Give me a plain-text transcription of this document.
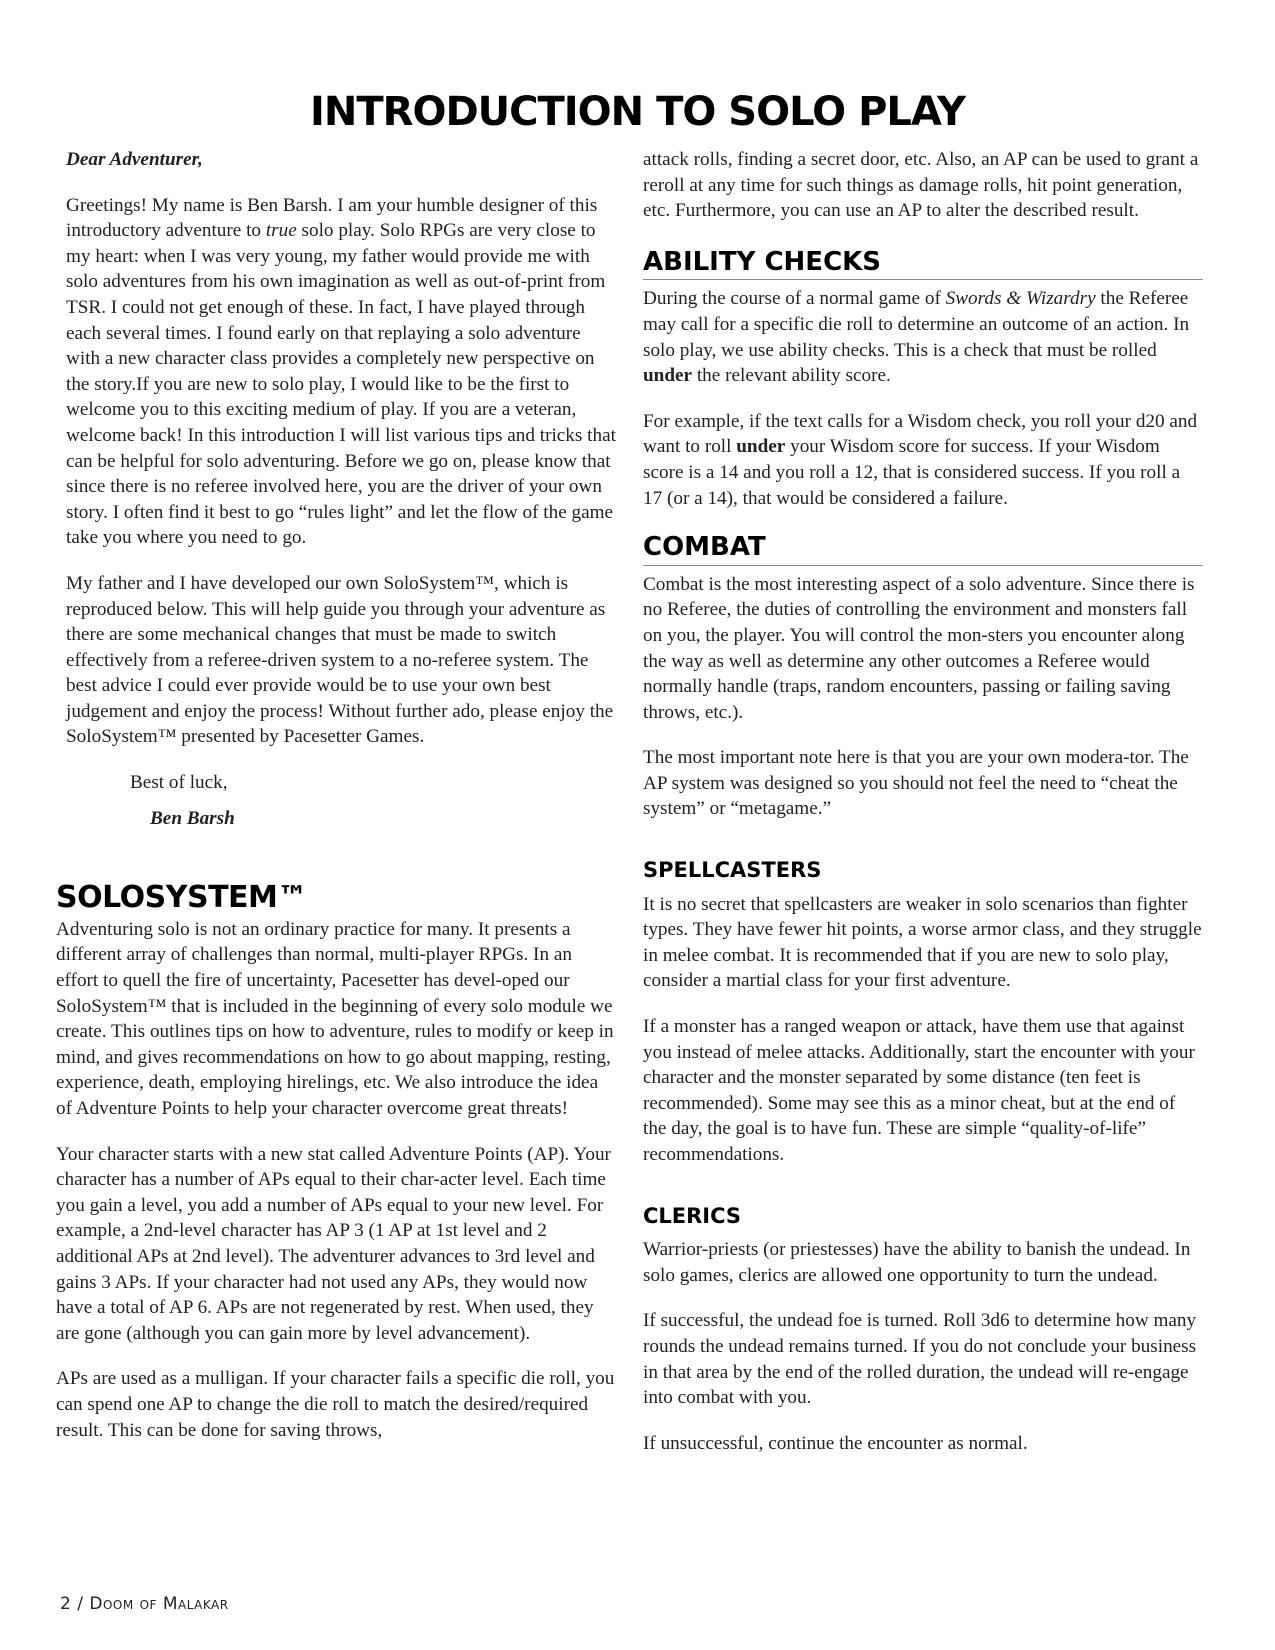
INTRODUCTION TO SOLO PLAY

Dear Adventurer,

Greetings! My name is Ben Barsh. I am your humble designer of this introductory adventure to true solo play. Solo RPGs are very close to my heart: when I was very young, my father would provide me with solo adventures from his own imagination as well as out-of-print from TSR. I could not get enough of these. In fact, I have played through each several times. I found early on that replaying a solo adventure with a new character class provides a completely new perspective on the story.If you are new to solo play, I would like to be the first to welcome you to this exciting medium of play. If you are a veteran, welcome back! In this introduction I will list various tips and tricks that can be helpful for solo adventuring. Before we go on, please know that since there is no referee involved here, you are the driver of your own story. I often find it best to go “rules light” and let the flow of the game take you where you need to go.

My father and I have developed our own SoloSystem™, which is reproduced below. This will help guide you through your adventure as there are some mechanical changes that must be made to switch effectively from a referee-driven system to a no-referee system. The best advice I could ever provide would be to use your own best judgement and enjoy the process! Without further ado, please enjoy the SoloSystem™ presented by Pacesetter Games.

Best of luck,

Ben Barsh

SOLOSYSTEM™

Adventuring solo is not an ordinary practice for many. It presents a different array of challenges than normal, multi-player RPGs. In an effort to quell the fire of uncertainty, Pacesetter has devel-oped our SoloSystem™ that is included in the beginning of every solo module we create. This outlines tips on how to adventure, rules to modify or keep in mind, and gives recommendations on how to go about mapping, resting, experience, death, employing hirelings, etc. We also introduce the idea of Adventure Points to help your character overcome great threats!

Your character starts with a new stat called Adventure Points (AP). Your character has a number of APs equal to their char-acter level. Each time you gain a level, you add a number of APs equal to your new level. For example, a 2nd-level character has AP 3 (1 AP at 1st level and 2 additional APs at 2nd level). The adventurer advances to 3rd level and gains 3 APs. If your character had not used any APs, they would now have a total of AP 6. APs are not regenerated by rest. When used, they are gone (although you can gain more by level advancement).

APs are used as a mulligan. If your character fails a specific die roll, you can spend one AP to change the die roll to match the desired/required result. This can be done for saving throws,

attack rolls, finding a secret door, etc. Also, an AP can be used to grant a reroll at any time for such things as damage rolls, hit point generation, etc. Furthermore, you can use an AP to alter the described result.

ABILITY CHECKS

During the course of a normal game of Swords & Wizardry the Referee may call for a specific die roll to determine an outcome of an action. In solo play, we use ability checks. This is a check that must be rolled under the relevant ability score.

For example, if the text calls for a Wisdom check, you roll your d20 and want to roll under your Wisdom score for success. If your Wisdom score is a 14 and you roll a 12, that is considered success. If you roll a 17 (or a 14), that would be considered a failure.

COMBAT

Combat is the most interesting aspect of a solo adventure. Since there is no Referee, the duties of controlling the environment and monsters fall on you, the player. You will control the mon-sters you encounter along the way as well as determine any other outcomes a Referee would normally handle (traps, random encounters, passing or failing saving throws, etc.).

The most important note here is that you are your own modera-tor. The AP system was designed so you should not feel the need to “cheat the system” or “metagame.”

SPELLCASTERS

It is no secret that spellcasters are weaker in solo scenarios than fighter types. They have fewer hit points, a worse armor class, and they struggle in melee combat. It is recommended that if you are new to solo play, consider a martial class for your first adventure.

If a monster has a ranged weapon or attack, have them use that against you instead of melee attacks. Additionally, start the encounter with your character and the monster separated by some distance (ten feet is recommended). Some may see this as a minor cheat, but at the end of the day, the goal is to have fun. These are simple “quality-of-life” recommendations.

CLERICS

Warrior-priests (or priestesses) have the ability to banish the undead. In solo games, clerics are allowed one opportunity to turn the undead.

If successful, the undead foe is turned. Roll 3d6 to determine how many rounds the undead remains turned. If you do not conclude your business in that area by the end of the rolled duration, the undead will re-engage into combat with you.

If unsuccessful, continue the encounter as normal.

2 / Doom of Malakar
